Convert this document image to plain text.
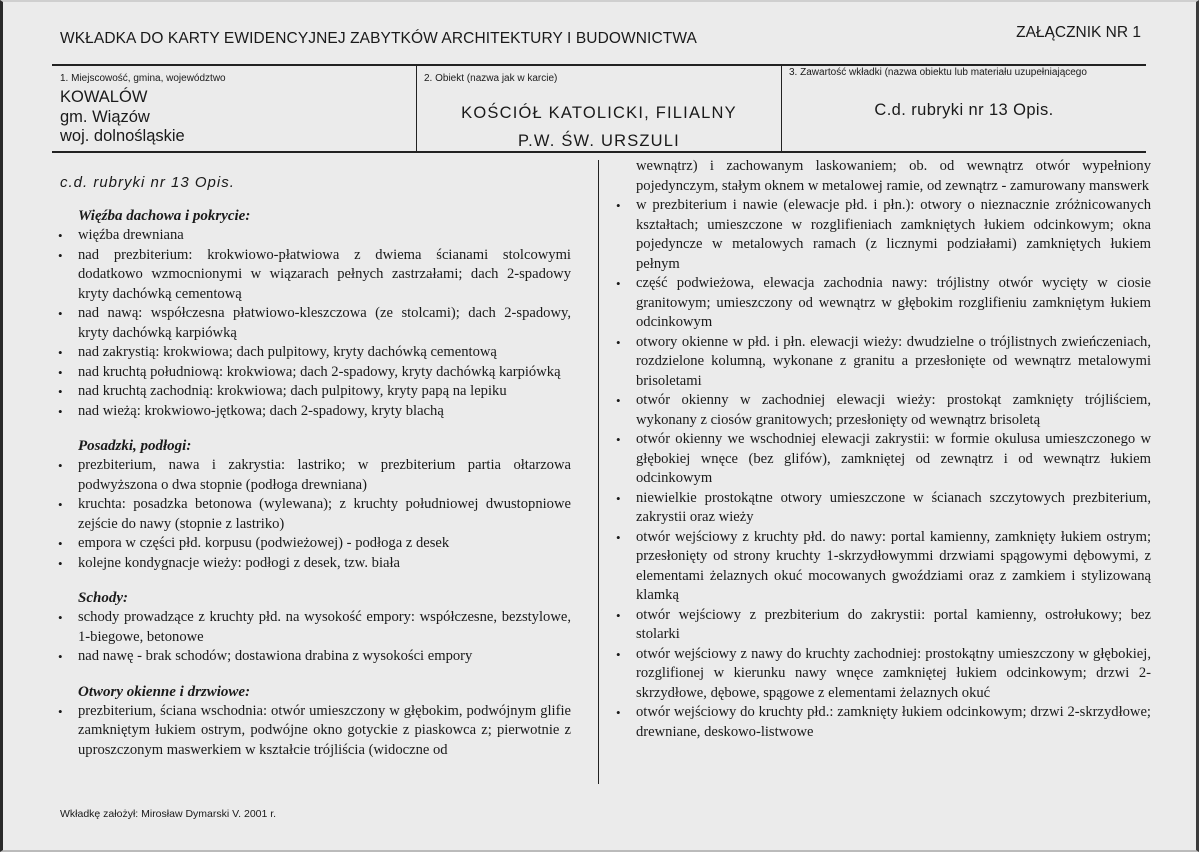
WKŁADKA DO KARTY EWIDENCYJNEJ ZABYTKÓW ARCHITEKTURY I BUDOWNICTWA	ZAŁĄCZNIK NR 1
1. Miejscowość, gmina, województwo
KOWALÓW
gm. Wiązów
woj. dolnośląskie
2. Obiekt (nazwa jak w karcie)
KOŚCIÓŁ KATOLICKI, FILIALNY
P.W. ŚW. URSZULI
3. Zawartość wkładki (nazwa obiektu lub materiału uzupełniającego
C.d. rubryki nr 13 Opis.
c.d. rubryki nr 13 Opis.
Więźba dachowa i pokrycie:
• więźba drewniana
• nad prezbiterium: krokwiowo-płatwiowa z dwiema ścianami stolcowymi dodatkowo wzmocnionymi w wiązarach pełnych zastrzałami; dach 2-spadowy kryty dachówką cementową
• nad nawą: współczesna płatwiowo-kleszczowa (ze stolcami); dach 2-spadowy, kryty dachówką karpiówką
• nad zakrystią: krokwiowa; dach pulpitowy, kryty dachówką cementową
• nad kruchtą południową: krokwiowa; dach 2-spadowy, kryty dachówką karpiówką
• nad kruchtą zachodnią: krokwiowa; dach pulpitowy, kryty papą na lepiku
• nad wieżą: krokwiowo-jętkowa; dach 2-spadowy, kryty blachą
Posadzki, podłogi:
• prezbiterium, nawa i zakrystia: lastriko; w prezbiterium partia ołtarzowa podwyższona o dwa stopnie (podłoga drewniana)
• kruchta: posadzka betonowa (wylewana); z kruchty południowej dwustopniowe zejście do nawy (stopnie z lastriko)
• empora w części płd. korpusu (podwieżowej) - podłoga z desek
• kolejne kondygnacje wieży: podłogi z desek, tzw. biała
Schody:
• schody prowadzące z kruchty płd. na wysokość empory: współczesne, bezstylowe, 1-biegowe, betonowe
• nad nawę - brak schodów; dostawiona drabina z wysokości empory
Otwory okienne i drzwiowe:
• prezbiterium, ściana wschodnia: otwór umieszczony w głębokim, podwójnym glifie zamkniętym łukiem ostrym, podwójne okno gotyckie z piaskowca z; pierwotnie z uproszczonym maswerkiem w kształcie trójliścia (widoczne od
wewnątrz) i zachowanym laskowaniem; ob. od wewnątrz otwór wypełniony pojedynczym, stałym oknem w metalowej ramie, od zewnątrz - zamurowany manswerk
• w prezbiterium i nawie (elewacje płd. i płn.): otwory o nieznacznie zróżnicowanych kształtach; umieszczone w rozglifieniach zamkniętych łukiem odcinkowym; okna pojedyncze w metalowych ramach (z licznymi podziałami) zamkniętych łukiem pełnym
• część podwieżowa, elewacja zachodnia nawy: trójlistny otwór wycięty w ciosie granitowym; umieszczony od wewnątrz w głębokim rozglifieniu zamkniętym łukiem odcinkowym
• otwory okienne w płd. i płn. elewacji wieży: dwudzielne o trójlistnych zwieńczeniach, rozdzielone kolumną, wykonane z granitu a przesłonięte od wewnątrz metalowymi brisoletami
• otwór okienny w zachodniej elewacji wieży: prostokąt zamknięty trójliściem, wykonany z ciosów granitowych; przesłonięty od wewnątrz brisoletą
• otwór okienny we wschodniej elewacji zakrystii: w formie okulusa umieszczonego w głębokiej wnęce (bez glifów), zamkniętej od zewnątrz i od wewnątrz łukiem odcinkowym
• niewielkie prostokątne otwory umieszczone w ścianach szczytowych prezbiterium, zakrystii oraz wieży
• otwór wejściowy z kruchty płd. do nawy: portal kamienny, zamknięty łukiem ostrym; przesłonięty od strony kruchty 1-skrzydłowymmi drzwiami spągowymi dębowymi, z elementami żelaznych okuć mocowanych gwoździami oraz z zamkiem i stylizowaną klamką
• otwór wejściowy z prezbiterium do zakrystii: portal kamienny, ostrołukowy; bez stolarki
• otwór wejściowy z nawy do kruchty zachodniej: prostokątny umieszczony w głębokiej, rozglifionej w kierunku nawy wnęce zamkniętej łukiem odcinkowym; drzwi 2-skrzydłowe, dębowe, spągowe z elementami żelaznych okuć
• otwór wejściowy do kruchty płd.: zamknięty łukiem odcinkowym; drzwi 2-skrzydłowe; drewniane, deskowo-listwowe
Wkładkę założył: Mirosław Dymarski V. 2001 r.
